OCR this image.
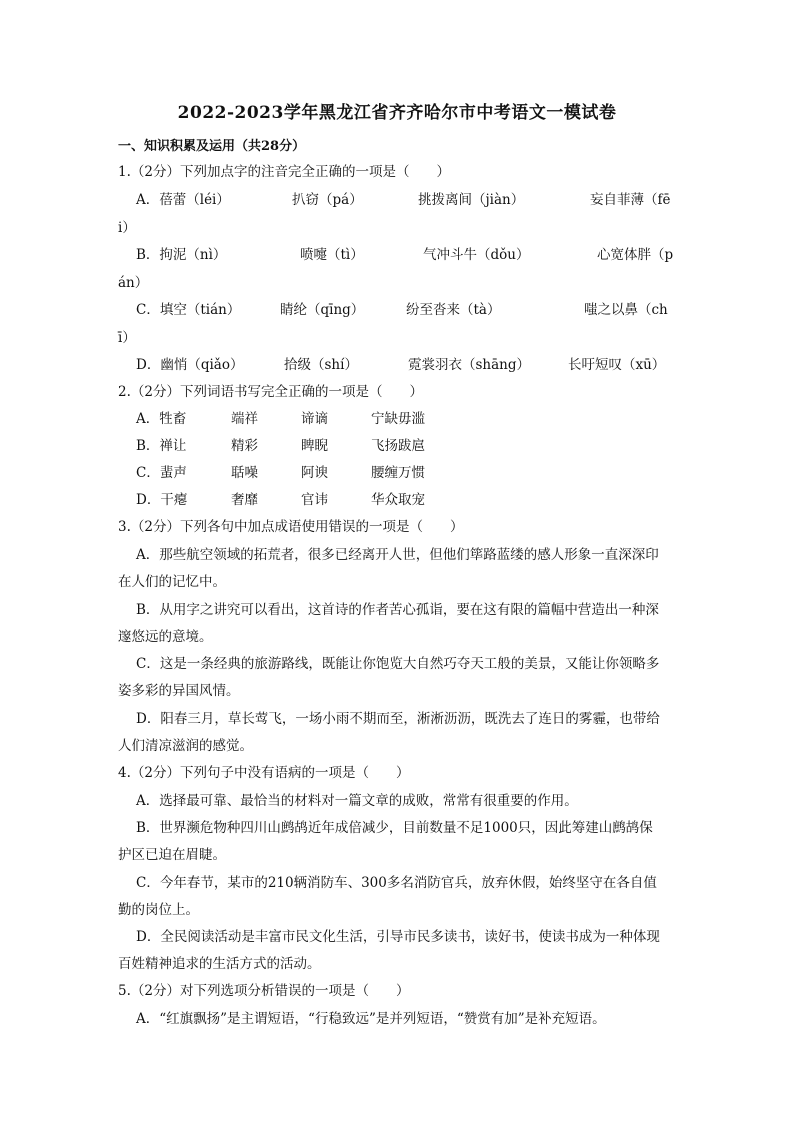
2022-2023学年黑龙江省齐齐哈尔市中考语文一模试卷
一、知识积累及运用（共28分）
1.（2分）下列加点字的注音完全正确的一项是（　　）
A．蓓蕾（léi）	扒窃（pá）	挑拨离间（jiàn）	妄自菲薄（fē
i）
B．拘泥（nì）	喷嚏（tì）	气冲斗牛（dǒu）	心宽体胖（p
án）
C．填空（tián）	睛纶（qīng）	纷至沓来（tà）	嗤之以鼻（ch
ī）
D．幽悄（qiǎo）	拾级（shí）	霓裳羽衣（shāng）	长吁短叹（xū）
2.（2分）下列词语书写完全正确的一项是（　　）
A．牲畜	端祥	谛谪	宁缺毋滥
B．禅让	精彩	睥睨	飞扬跋扈
C．蜚声	聒噪	阿谀	腰缠万惯
D．干瘪	奢靡	官讳	华众取宠
3.（2分）下列各句中加点成语使用错误的一项是（　　）
A．那些航空领域的拓荒者，很多已经离开人世，但他们筚路蓝缕的感人形象一直深深印
在人们的记忆中。
B．从用字之讲究可以看出，这首诗的作者苦心孤诣，要在这有限的篇幅中营造出一种深
邃悠远的意境。
C．这是一条经典的旅游路线，既能让你饱览大自然巧夺天工般的美景，又能让你领略多
姿多彩的异国风情。
D．阳春三月，草长莺飞，一场小雨不期而至，淅淅沥沥，既洗去了连日的雾霾，也带给
人们清凉滋润的感觉。
4.（2分）下列句子中没有语病的一项是（　　）
A．选择最可靠、最恰当的材料对一篇文章的成败，常常有很重要的作用。
B．世界濒危物种四川山鹧鸪近年成倍减少，目前数量不足1000只，因此筹建山鹧鸪保
护区已迫在眉睫。
C．今年春节，某市的210辆消防车、300多名消防官兵，放弃休假，始终坚守在各自值
勤的岗位上。
D．全民阅读活动是丰富市民文化生活，引导市民多读书，读好书，使读书成为一种体现
百姓精神追求的生活方式的活动。
5.（2分）对下列选项分析错误的一项是（　　）
A．“红旗飘扬”是主谓短语，“行稳致远”是并列短语，“赞赏有加”是补充短语。
